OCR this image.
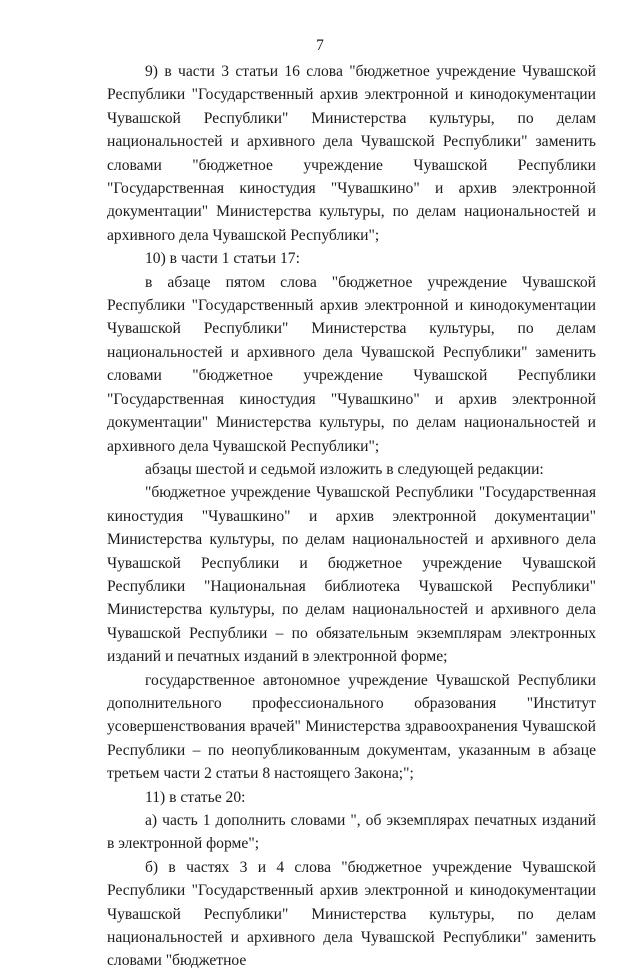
7

9) в части 3 статьи 16 слова "бюджетное учреждение Чувашской Республики "Государственный архив электронной и кинодокументации Чувашской Республики" Министерства культуры, по делам национальностей и архивного дела Чувашской Республики" заменить словами "бюджетное учреждение Чувашской Республики "Государственная киностудия "Чувашкино" и архив электронной документации" Министерства культуры, по делам национальностей и архивного дела Чувашской Республики";

10) в части 1 статьи 17:

в абзаце пятом слова "бюджетное учреждение Чувашской Республики "Государственный архив электронной и кинодокументации Чувашской Республики" Министерства культуры, по делам национальностей и архивного дела Чувашской Республики" заменить словами "бюджетное учреждение Чувашской Республики "Государственная киностудия "Чувашкино" и архив электронной документации" Министерства культуры, по делам национальностей и архивного дела Чувашской Республики";

абзацы шестой и седьмой изложить в следующей редакции:

"бюджетное учреждение Чувашской Республики "Государственная киностудия "Чувашкино" и архив электронной документации" Министерства культуры, по делам национальностей и архивного дела Чувашской Республики и бюджетное учреждение Чувашской Республики "Национальная библиотека Чувашской Республики" Министерства культуры, по делам национальностей и архивного дела Чувашской Республики – по обязательным экземплярам электронных изданий и печатных изданий в электронной форме;

государственное автономное учреждение Чувашской Республики дополнительного профессионального образования "Институт усовершенствования врачей" Министерства здравоохранения Чувашской Республики – по неопубликованным документам, указанным в абзаце третьем части 2 статьи 8 настоящего Закона;";

11) в статье 20:

а) часть 1 дополнить словами ", об экземплярах печатных изданий в электронной форме";

б) в частях 3 и 4 слова "бюджетное учреждение Чувашской Республики "Государственный архив электронной и кинодокументации Чувашской Республики" Министерства культуры, по делам национальностей и архивного дела Чувашской Республики" заменить словами "бюджетное
